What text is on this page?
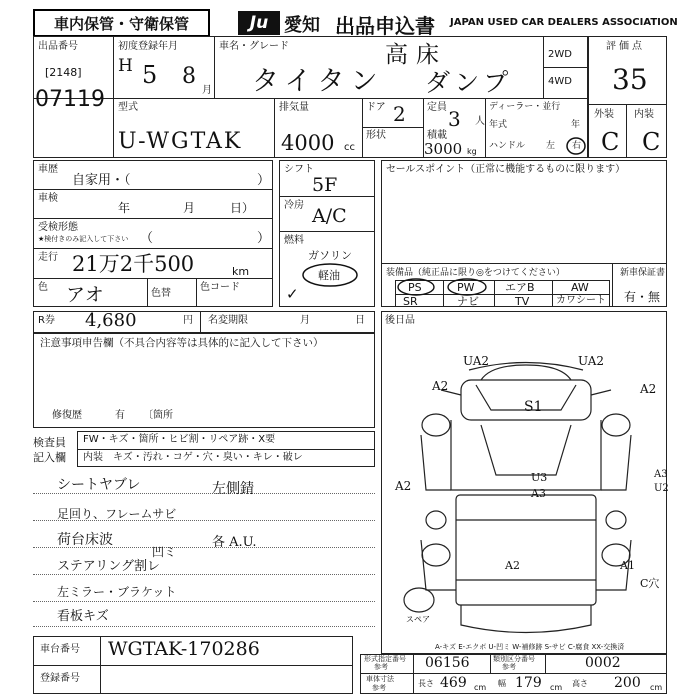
車内保管・守衛保管	Ju 愛知 出品申込書 JAPAN USED CAR DEALERS ASSOCIATION
出品番号
[2148]
07119
初度登録年月
H 5 8
月
車名・グレード
タイタン
高床
ダンプ
2WD
4WD
評価点
35
外装 内装
C C
型式
U-WGTAK
排気量
4000 cc
ドア 2
形状
定員 3 人
積載
3000 kg
ディーラー・並行
年式	年
ハンドル 左 右
車歴
自家用・（	）
車検
年	月	日）
受検形態
★検付きのみ記入して下さい （	）
走行 21万2千500	km
色 アオ	色替
色コード
シフト
5F
冷房 A/C
燃料
ガソリン
軽油
✓
セールスポイント（正常に機能するものに限ります）
装備品（純正品に限り◎をつけてください）
PS	PW	エアB	AW
SR	ナビ	TV	カワシート
新車保証書
有・無
R券 4,680	円 名変期限	月	日
注意事項申告欄（不具合内容等は具体的に記入して下さい）
修復歴	有 〔箇所
検査員
記入欄
FW・キズ・箇所・ヒビ割・リペア跡・X要
内装 キズ・汚れ・コゲ・穴・臭い・キレ・破レ
シートヤブレ	左側錆
足回り、フレームサビ
荷台床波
凹ミ
各 A.U.
ステアリング割レ
左ミラー・ブラケット
看板キズ
車台番号 WGTAK-170286
登録番号
後日品
スペア
UA2	UA2
A2	A2
S1
A2
A3
U2
U3
A3
A2	A1
C穴
A-キズ E-エクボ U-凹ミ W-補修跡 S-サビ C-腐食 XX-交換済
形式指定番号
参考	06156	類別区分番号
参考	0002
車体寸法
参考	長さ 469 cm 幅 179 cm 高さ 200 cm
